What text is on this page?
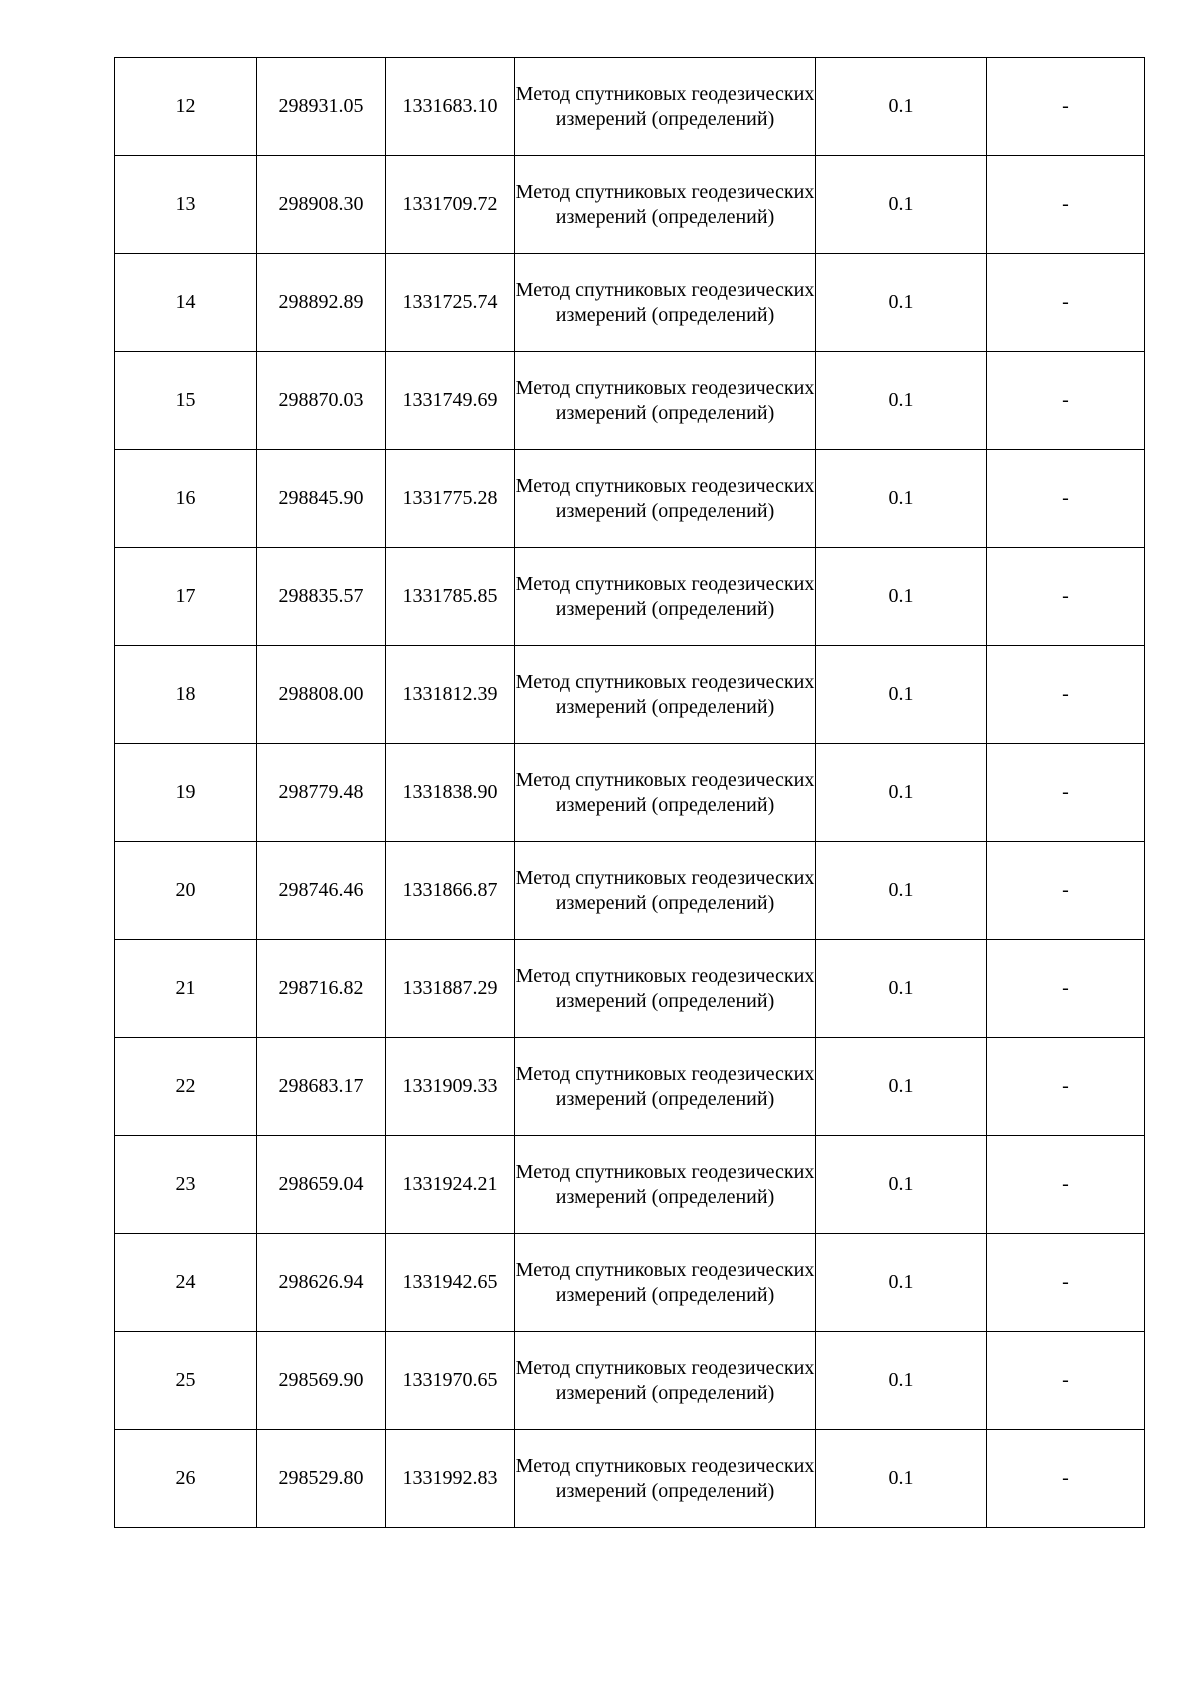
12	298931.05	1331683.10	Метод спутниковых геодезических измерений (определений)	0.1	-
13	298908.30	1331709.72	Метод спутниковых геодезических измерений (определений)	0.1	-
14	298892.89	1331725.74	Метод спутниковых геодезических измерений (определений)	0.1	-
15	298870.03	1331749.69	Метод спутниковых геодезических измерений (определений)	0.1	-
16	298845.90	1331775.28	Метод спутниковых геодезических измерений (определений)	0.1	-
17	298835.57	1331785.85	Метод спутниковых геодезических измерений (определений)	0.1	-
18	298808.00	1331812.39	Метод спутниковых геодезических измерений (определений)	0.1	-
19	298779.48	1331838.90	Метод спутниковых геодезических измерений (определений)	0.1	-
20	298746.46	1331866.87	Метод спутниковых геодезических измерений (определений)	0.1	-
21	298716.82	1331887.29	Метод спутниковых геодезических измерений (определений)	0.1	-
22	298683.17	1331909.33	Метод спутниковых геодезических измерений (определений)	0.1	-
23	298659.04	1331924.21	Метод спутниковых геодезических измерений (определений)	0.1	-
24	298626.94	1331942.65	Метод спутниковых геодезических измерений (определений)	0.1	-
25	298569.90	1331970.65	Метод спутниковых геодезических измерений (определений)	0.1	-
26	298529.80	1331992.83	Метод спутниковых геодезических измерений (определений)	0.1	-
